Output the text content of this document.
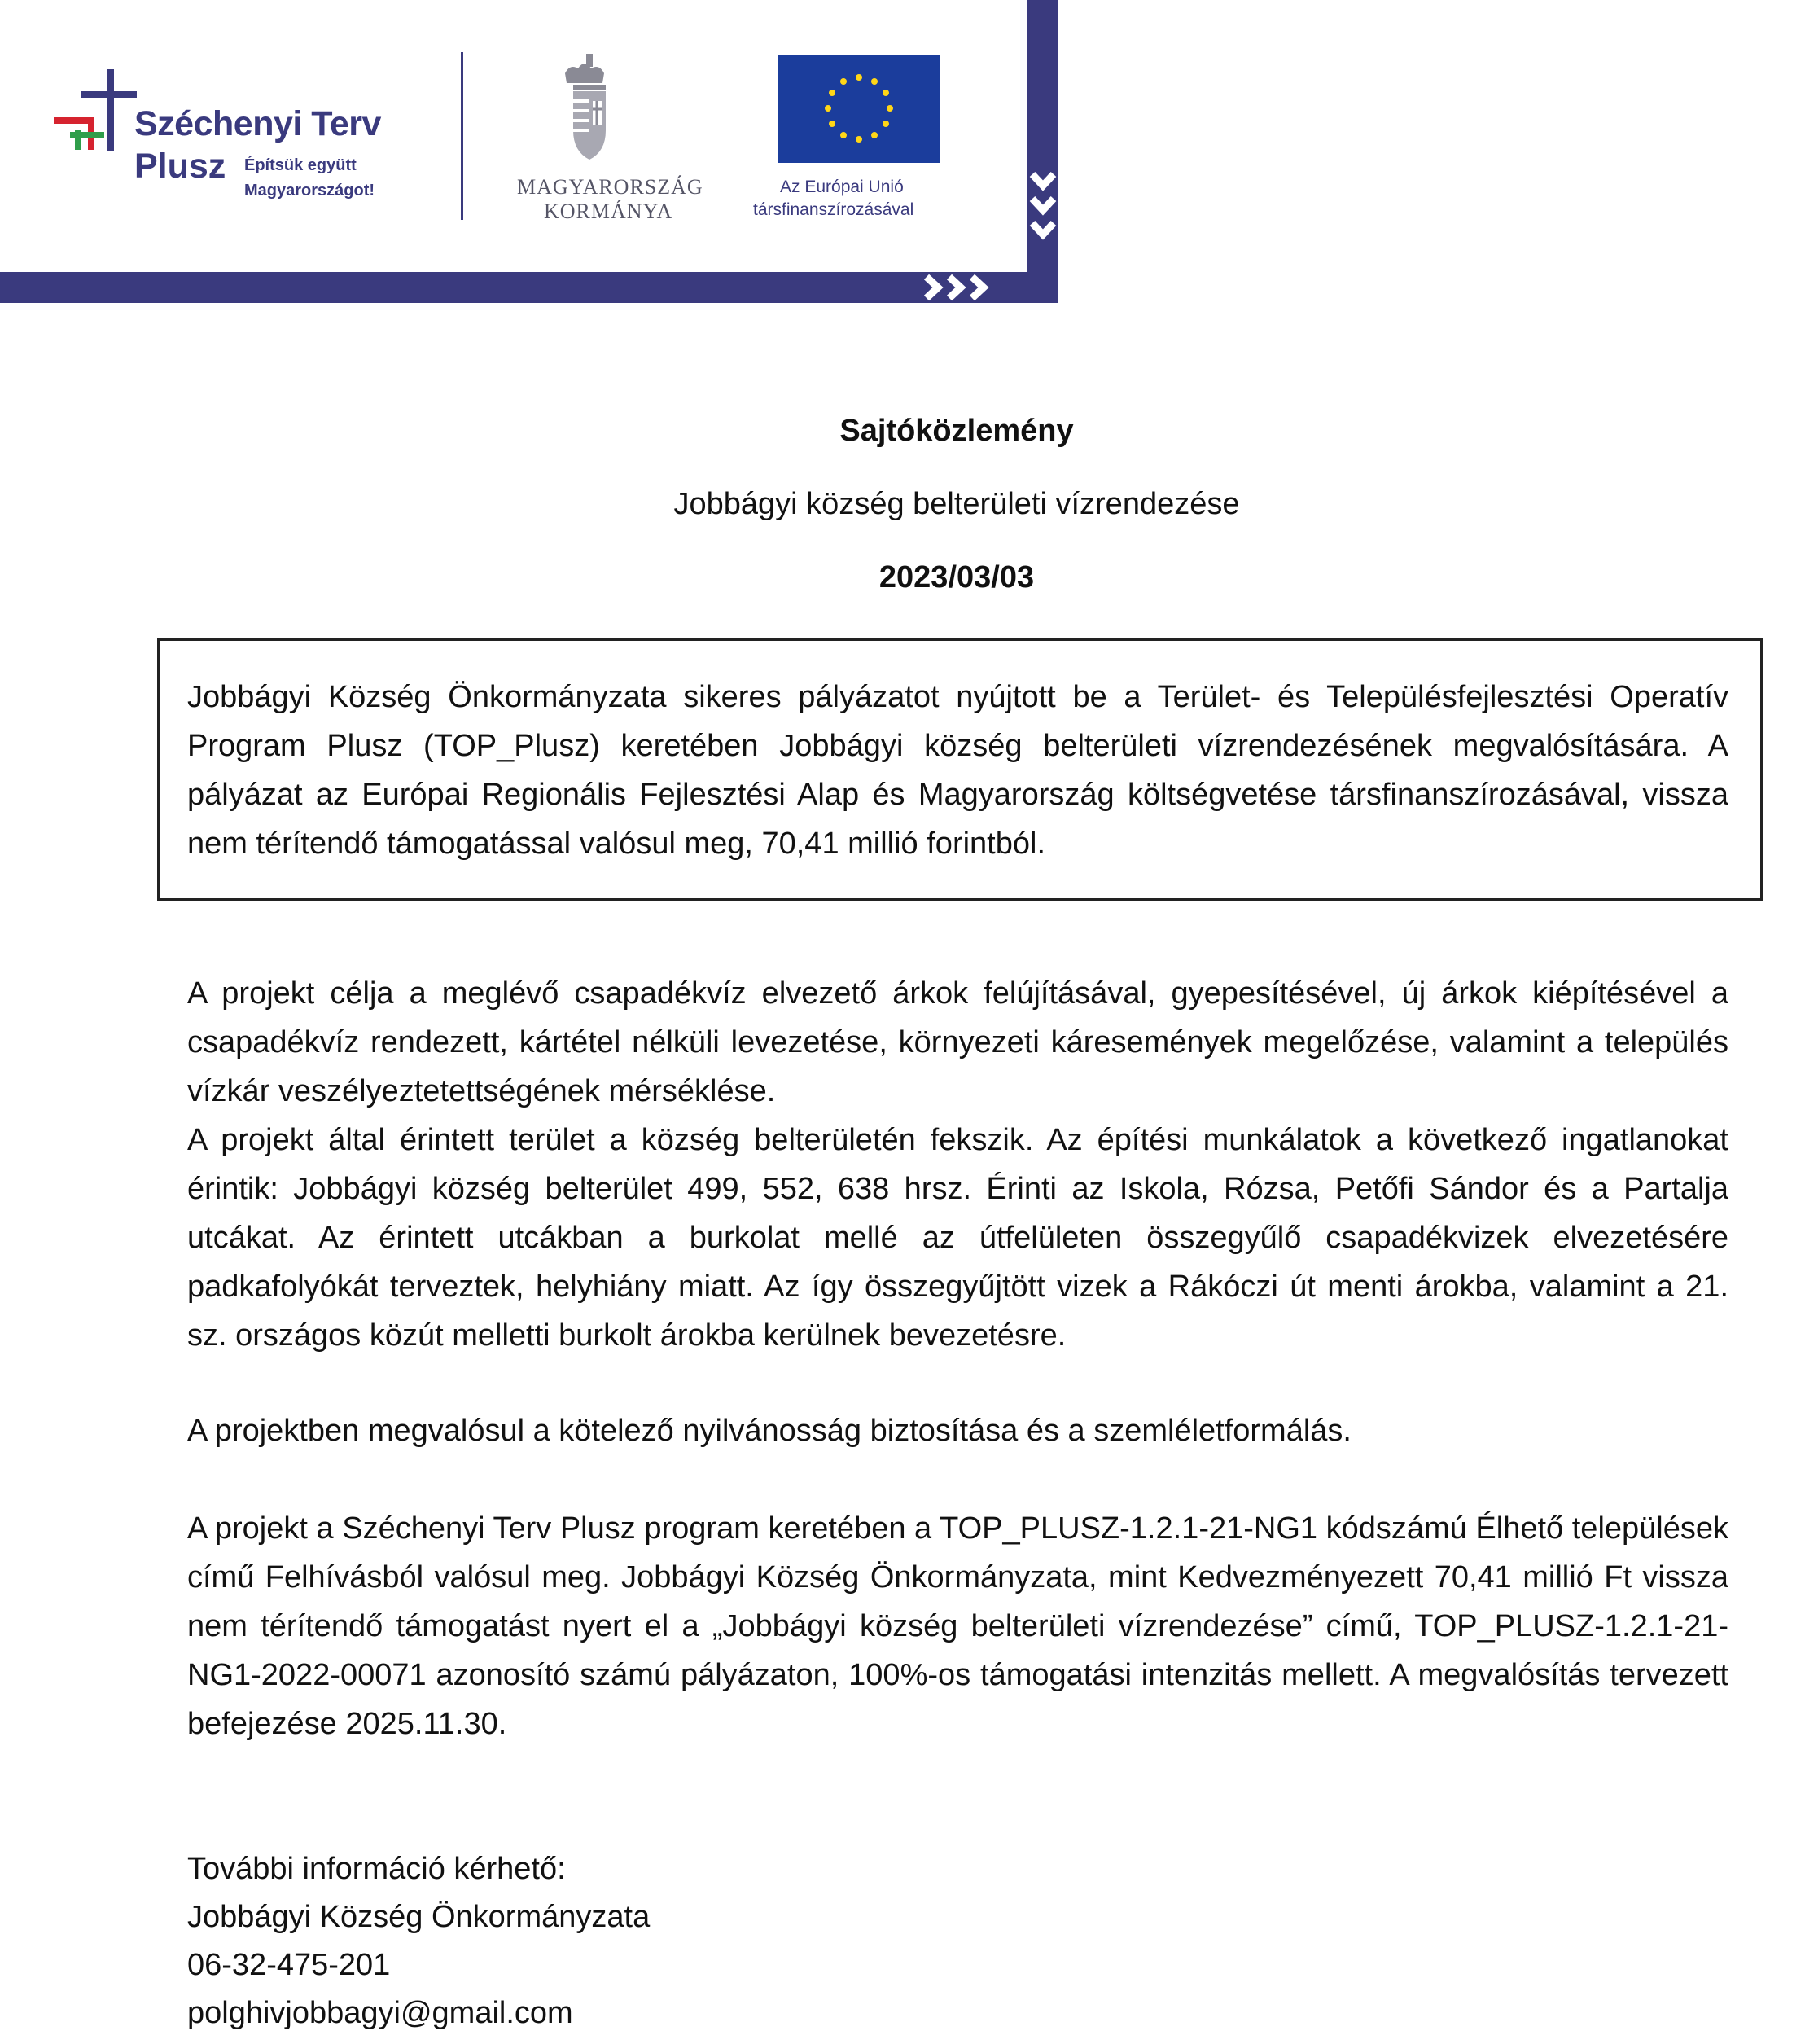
Széchenyi Terv
Plusz Építsük együtt
Magyarországot!	MAGYARORSZÁG
KORMÁNYA
Az Európai Unió
társfinanszírozásával
Sajtóközlemény
Jobbágyi község belterületi vízrendezése
2023/03/03

Jobbágyi Község Önkormányzata sikeres pályázatot nyújtott be a Terület- és Településfejlesztési Operatív Program Plusz (TOP_Plusz) keretében Jobbágyi község belterületi vízrendezésének megvalósítására. A pályázat az Európai Regionális Fejlesztési Alap és Magyarország költségvetése társfinanszírozásával, vissza nem térítendő támogatással valósul meg, 70,41 millió forintból.

A projekt célja a meglévő csapadékvíz elvezető árkok felújításával, gyepesítésével, új árkok kiépítésével a csapadékvíz rendezett, kártétel nélküli levezetése, környezeti káresemények megelőzése, valamint a település vízkár veszélyeztetettségének mérséklése.

A projekt által érintett terület a község belterületén fekszik. Az építési munkálatok a következő ingatlanokat érintik: Jobbágyi község belterület 499, 552, 638 hrsz. Érinti az Iskola, Rózsa, Petőfi Sándor és a Partalja utcákat. Az érintett utcákban a burkolat mellé az útfelületen összegyűlő csapadékvizek elvezetésére padkafolyókát terveztek, helyhiány miatt. Az így összegyűjtött vizek a Rákóczi út menti árokba, valamint a 21. sz. országos közút melletti burkolt árokba kerülnek bevezetésre.

A projektben megvalósul a kötelező nyilvánosság biztosítása és a szemléletformálás.

A projekt a Széchenyi Terv Plusz program keretében a TOP_PLUSZ-1.2.1-21-NG1 kódszámú Élhető települések című Felhívásból valósul meg. Jobbágyi Község Önkormányzata, mint Kedvezményezett 70,41 millió Ft vissza nem térítendő támogatást nyert el a „Jobbágyi község belterületi vízrendezése” című, TOP_PLUSZ-1.2.1-21-NG1-2022-00071 azonosító számú pályázaton, 100%-os támogatási intenzitás mellett. A megvalósítás tervezett befejezése 2025.11.30.

További információ kérhető:
Jobbágyi Község Önkormányzata
06-32-475-201
polghivjobbagyi@gmail.com
